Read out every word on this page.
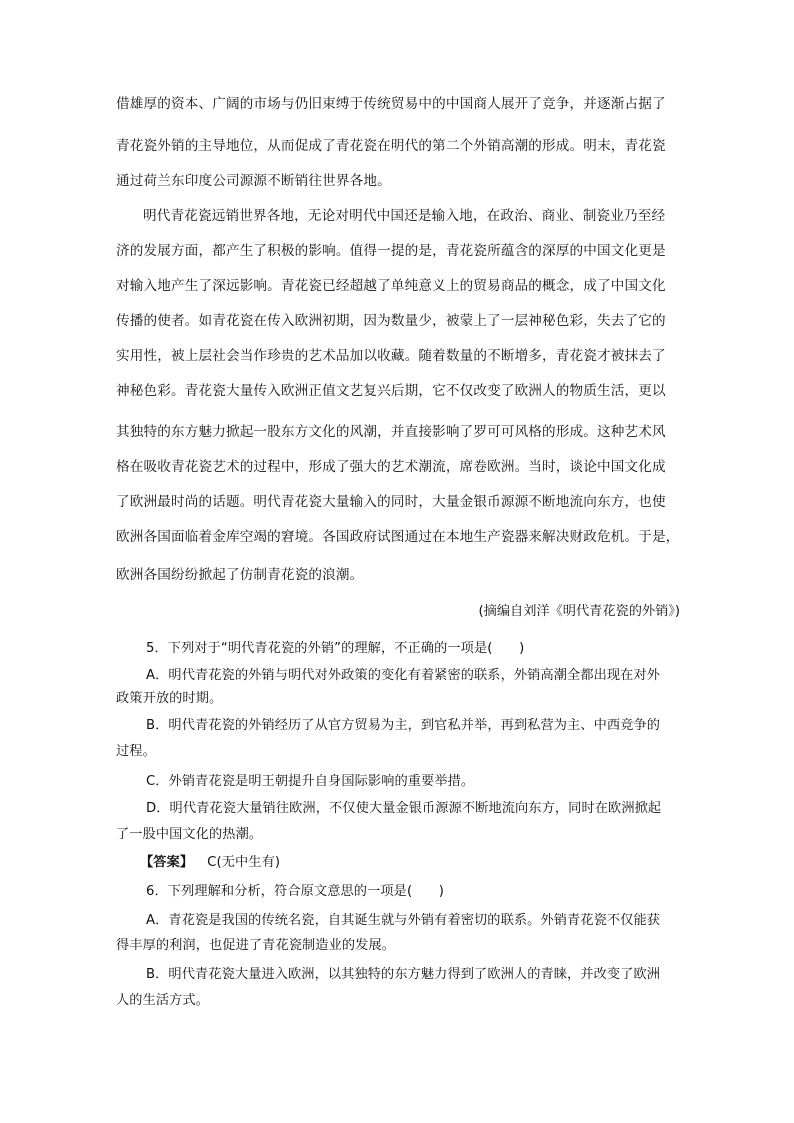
借雄厚的资本、广阔的市场与仍旧束缚于传统贸易中的中国商人展开了竞争，并逐渐占据了
青花瓷外销的主导地位，从而促成了青花瓷在明代的第二个外销高潮的形成。明末，青花瓷
通过荷兰东印度公司源源不断销往世界各地。
明代青花瓷远销世界各地，无论对明代中国还是输入地，在政治、商业、制瓷业乃至经
济的发展方面，都产生了积极的影响。值得一提的是，青花瓷所蕴含的深厚的中国文化更是
对输入地产生了深远影响。青花瓷已经超越了单纯意义上的贸易商品的概念，成了中国文化
传播的使者。如青花瓷在传入欧洲初期，因为数量少，被蒙上了一层神秘色彩，失去了它的
实用性，被上层社会当作珍贵的艺术品加以收藏。随着数量的不断增多，青花瓷才被抹去了
神秘色彩。青花瓷大量传入欧洲正值文艺复兴后期，它不仅改变了欧洲人的物质生活，更以
其独特的东方魅力掀起一股东方文化的风潮，并直接影响了罗可可风格的形成。这种艺术风
格在吸收青花瓷艺术的过程中，形成了强大的艺术潮流，席卷欧洲。当时，谈论中国文化成
了欧洲最时尚的话题。明代青花瓷大量输入的同时，大量金银币源源不断地流向东方，也使
欧洲各国面临着金库空竭的窘境。各国政府试图通过在本地生产瓷器来解决财政危机。于是，
欧洲各国纷纷掀起了仿制青花瓷的浪潮。
(摘编自刘洋《明代青花瓷的外销》)
5．下列对于“明代青花瓷的外销”的理解，不正确的一项是(　　)
A．明代青花瓷的外销与明代对外政策的变化有着紧密的联系，外销高潮全都出现在对外
政策开放的时期。
B．明代青花瓷的外销经历了从官方贸易为主，到官私并举，再到私营为主、中西竞争的
过程。
C．外销青花瓷是明王朝提升自身国际影响的重要举措。
D．明代青花瓷大量销往欧洲，不仅使大量金银币源源不断地流向东方，同时在欧洲掀起
了一股中国文化的热潮。
【答案】 C(无中生有)
6．下列理解和分析，符合原文意思的一项是(　　)
A．青花瓷是我国的传统名瓷，自其诞生就与外销有着密切的联系。外销青花瓷不仅能获
得丰厚的利润，也促进了青花瓷制造业的发展。
B．明代青花瓷大量进入欧洲，以其独特的东方魅力得到了欧洲人的青睐，并改变了欧洲
人的生活方式。
